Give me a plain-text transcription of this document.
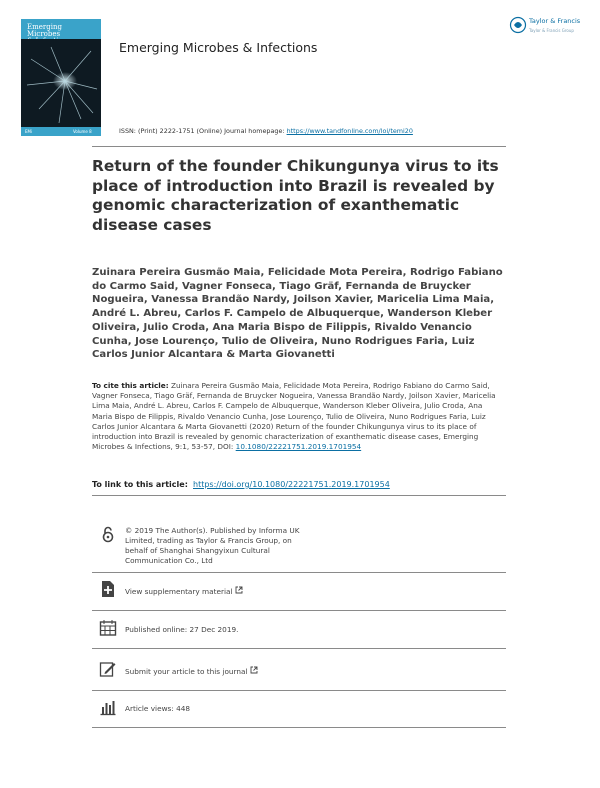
Emerging Microbes
EMi	Volume 8
Emerging Microbes & Infections
Taylor & Francis
Taylor & Francis Group
ISSN: (Print) 2222-1751 (Online) Journal homepage: https://www.tandfonline.com/loi/temi20
Return of the founder Chikungunya virus to its place of introduction into Brazil is revealed by genomic characterization of exanthematic disease cases

Zuinara Pereira Gusmão Maia, Felicidade Mota Pereira, Rodrigo Fabiano do Carmo Said, Vagner Fonseca, Tiago Gräf, Fernanda de Bruycker Nogueira, Vanessa Brandão Nardy, Joilson Xavier, Maricelia Lima Maia, André L. Abreu, Carlos F. Campelo de Albuquerque, Wanderson Kleber Oliveira, Julio Croda, Ana Maria Bispo de Filippis, Rivaldo Venancio Cunha, Jose Lourenço, Tulio de Oliveira, Nuno Rodrigues Faria, Luiz Carlos Junior Alcantara & Marta Giovanetti

To cite this article: Zuinara Pereira Gusmão Maia, Felicidade Mota Pereira, Rodrigo Fabiano do Carmo Said, Vagner Fonseca, Tiago Gräf, Fernanda de Bruycker Nogueira, Vanessa Brandão Nardy, Joilson Xavier, Maricelia Lima Maia, André L. Abreu, Carlos F. Campelo de Albuquerque, Wanderson Kleber Oliveira, Julio Croda, Ana Maria Bispo de Filippis, Rivaldo Venancio Cunha, Jose Lourenço, Tulio de Oliveira, Nuno Rodrigues Faria, Luiz Carlos Junior Alcantara & Marta Giovanetti (2020) Return of the founder Chikungunya virus to its place of introduction into Brazil is revealed by genomic characterization of exanthematic disease cases, Emerging Microbes & Infections, 9:1, 53-57, DOI: 10.1080/22221751.2019.1701954

To link to this article: https://doi.org/10.1080/22221751.2019.1701954
© 2019 The Author(s). Published by Informa UK Limited, trading as Taylor & Francis Group, on behalf of Shanghai Shangyixun Cultural Communication Co., Ltd
View supplementary material
Published online: 27 Dec 2019.
Submit your article to this journal
Article views: 448
